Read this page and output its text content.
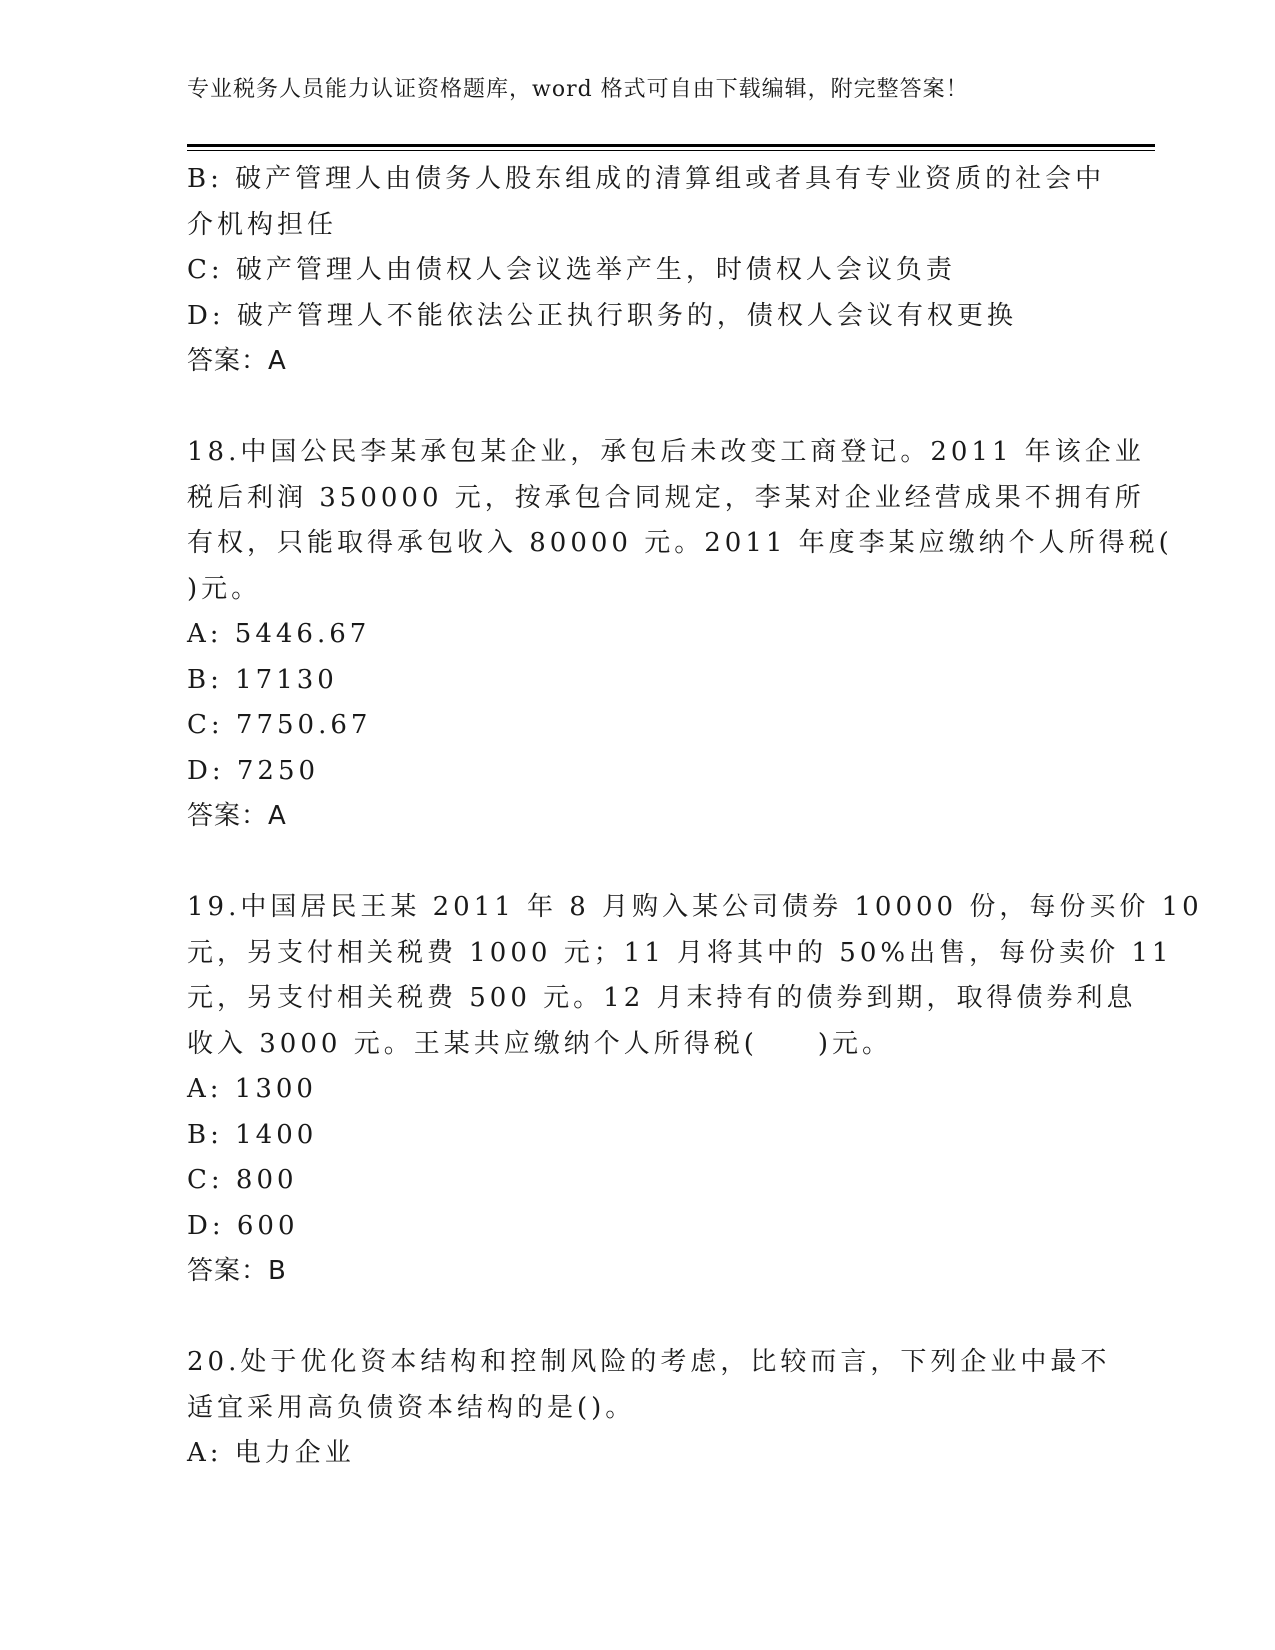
专业税务人员能力认证资格题库，word 格式可自由下载编辑，附完整答案！
B: 破产管理人由债务人股东组成的清算组或者具有专业资质的社会中
介机构担任
C: 破产管理人由债权人会议选举产生，时债权人会议负责
D: 破产管理人不能依法公正执行职务的，债权人会议有权更换
答案：A
18.中国公民李某承包某企业，承包后未改变工商登记。2011 年该企业
税后利润 350000 元，按承包合同规定，李某对企业经营成果不拥有所
有权，只能取得承包收入 80000 元。2011 年度李某应缴纳个人所得税(
)元。
A: 5446.67
B: 17130
C: 7750.67
D: 7250
答案：A
19.中国居民王某 2011 年 8 月购入某公司债券 10000 份，每份买价 10
元，另支付相关税费 1000 元；11 月将其中的 50%出售，每份卖价 11
元，另支付相关税费 500 元。12 月末持有的债券到期，取得债券利息
收入 3000 元。王某共应缴纳个人所得税(　　)元。
A: 1300
B: 1400
C: 800
D: 600
答案：B
20.处于优化资本结构和控制风险的考虑，比较而言，下列企业中最不
适宜采用高负债资本结构的是()。
A: 电力企业
